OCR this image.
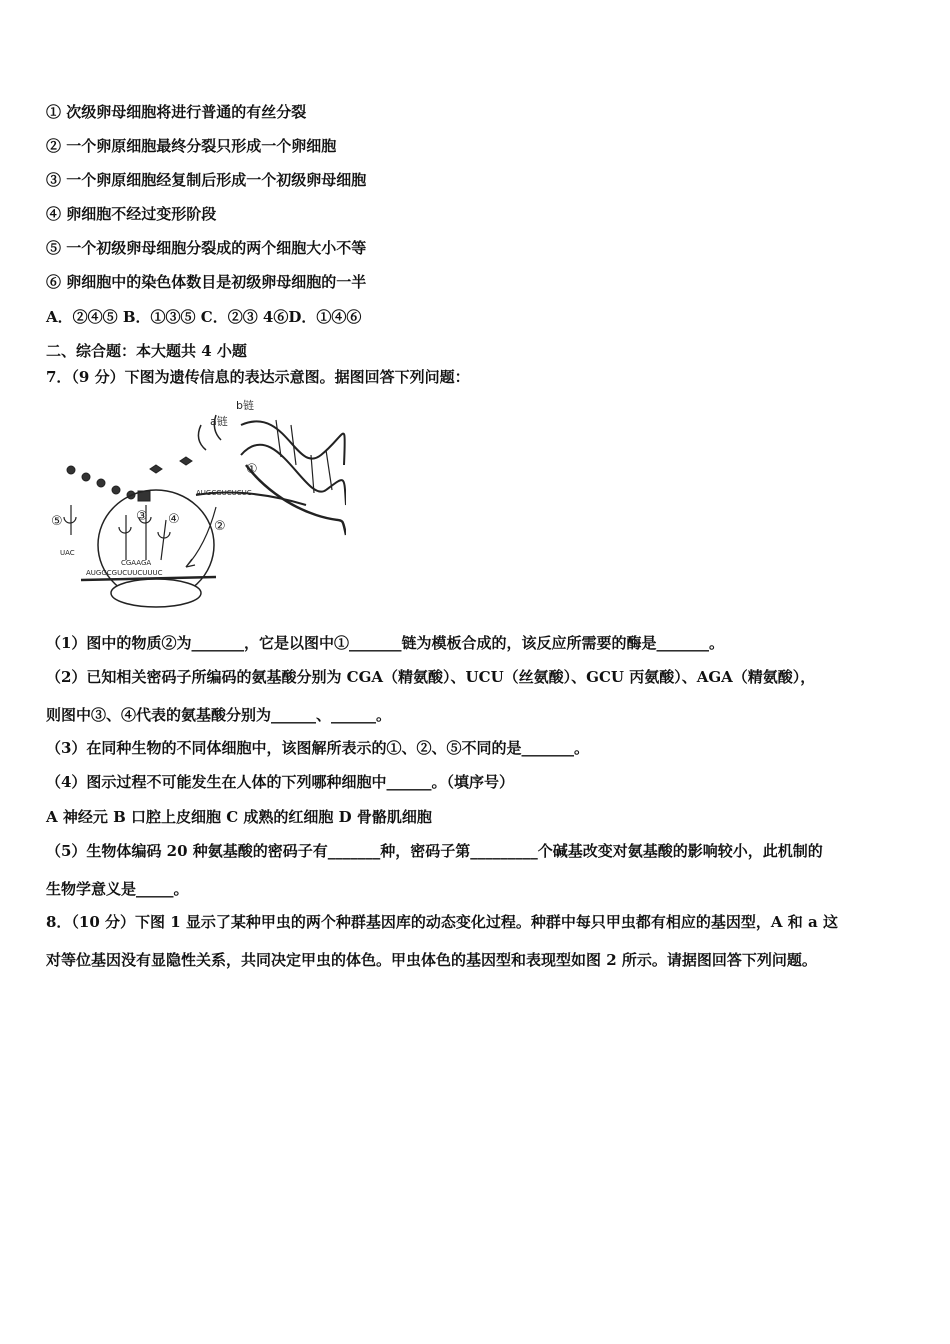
① 次级卵母细胞将进行普通的有丝分裂
② 一个卵原细胞最终分裂只形成一个卵细胞
③ 一个卵原细胞经复制后形成一个初级卵母细胞
④ 卵细胞不经过变形阶段
⑤ 一个初级卵母细胞分裂成的两个细胞大小不等
⑥ 卵细胞中的染色体数目是初级卵母细胞的一半
A．②④⑤ B．①③⑤ C．②③ 4⑥D．①④⑥
二、综合题：本大题共 4 小题
7．（9 分）下图为遗传信息的表达示意图。据图回答下列问题：
b链
a链
①
AUGCGUCUCUC
②
AUGGCGUCUUCUUUC
③ ④
⑤
CGAAGA
UAC
（1）图中的物质②为_______，它是以图中①_______链为模板合成的，该反应所需要的酶是_______。
（2）已知相关密码子所编码的氨基酸分别为 CGA（精氨酸）、UCU（丝氨酸）、GCU 丙氨酸）、AGA（精氨酸），
则图中③、④代表的氨基酸分别为______、______。
（3）在同种生物的不同体细胞中，该图解所表示的①、②、⑤不同的是_______。
（4）图示过程不可能发生在人体的下列哪种细胞中______。（填序号）
A 神经元 B 口腔上皮细胞 C 成熟的红细胞 D 骨骼肌细胞
（5）生物体编码 20 种氨基酸的密码子有_______种，密码子第_________个碱基改变对氨基酸的影响较小，此机制的
生物学意义是_____。
8．（10 分）下图 1 显示了某种甲虫的两个种群基因库的动态变化过程。种群中每只甲虫都有相应的基因型，A 和 a 这
对等位基因没有显隐性关系，共同决定甲虫的体色。甲虫体色的基因型和表现型如图 2 所示。请据图回答下列问题。
